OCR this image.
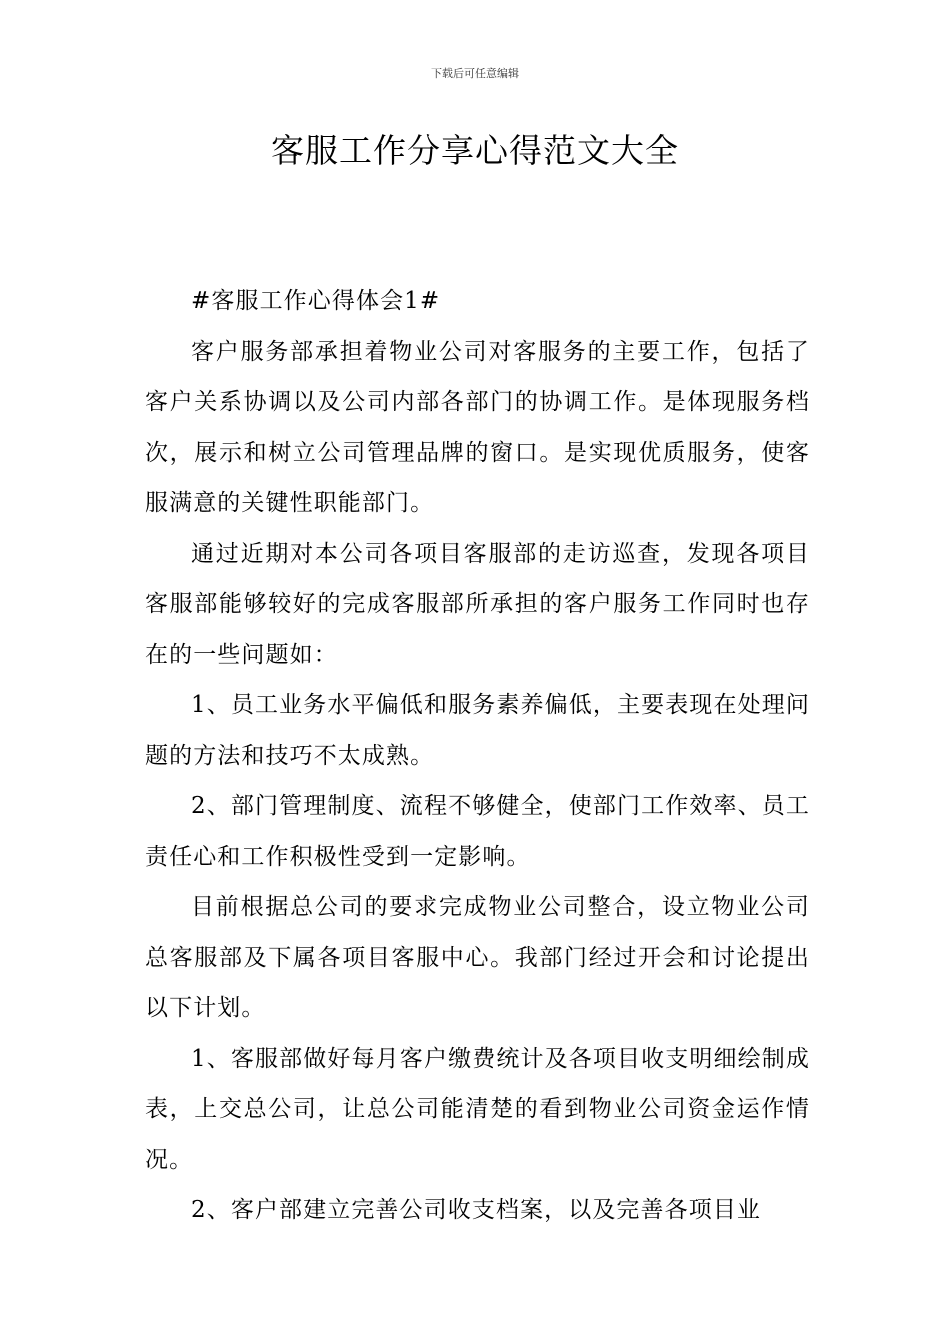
下载后可任意编辑
客服工作分享心得范文大全

#客服工作心得体会1#

客户服务部承担着物业公司对客服务的主要工作，包括了客户关系协调以及公司内部各部门的协调工作。是体现服务档次，展示和树立公司管理品牌的窗口。是实现优质服务，使客服满意的关键性职能部门。

通过近期对本公司各项目客服部的走访巡查，发现各项目客服部能够较好的完成客服部所承担的客户服务工作同时也存在的一些问题如：

1、员工业务水平偏低和服务素养偏低，主要表现在处理问题的方法和技巧不太成熟。

2、部门管理制度、流程不够健全，使部门工作效率、员工责任心和工作积极性受到一定影响。

目前根据总公司的要求完成物业公司整合，设立物业公司总客服部及下属各项目客服中心。我部门经过开会和讨论提出以下计划。

1、客服部做好每月客户缴费统计及各项目收支明细绘制成表，上交总公司，让总公司能清楚的看到物业公司资金运作情况。

2、客户部建立完善公司收支档案，以及完善各项目业
